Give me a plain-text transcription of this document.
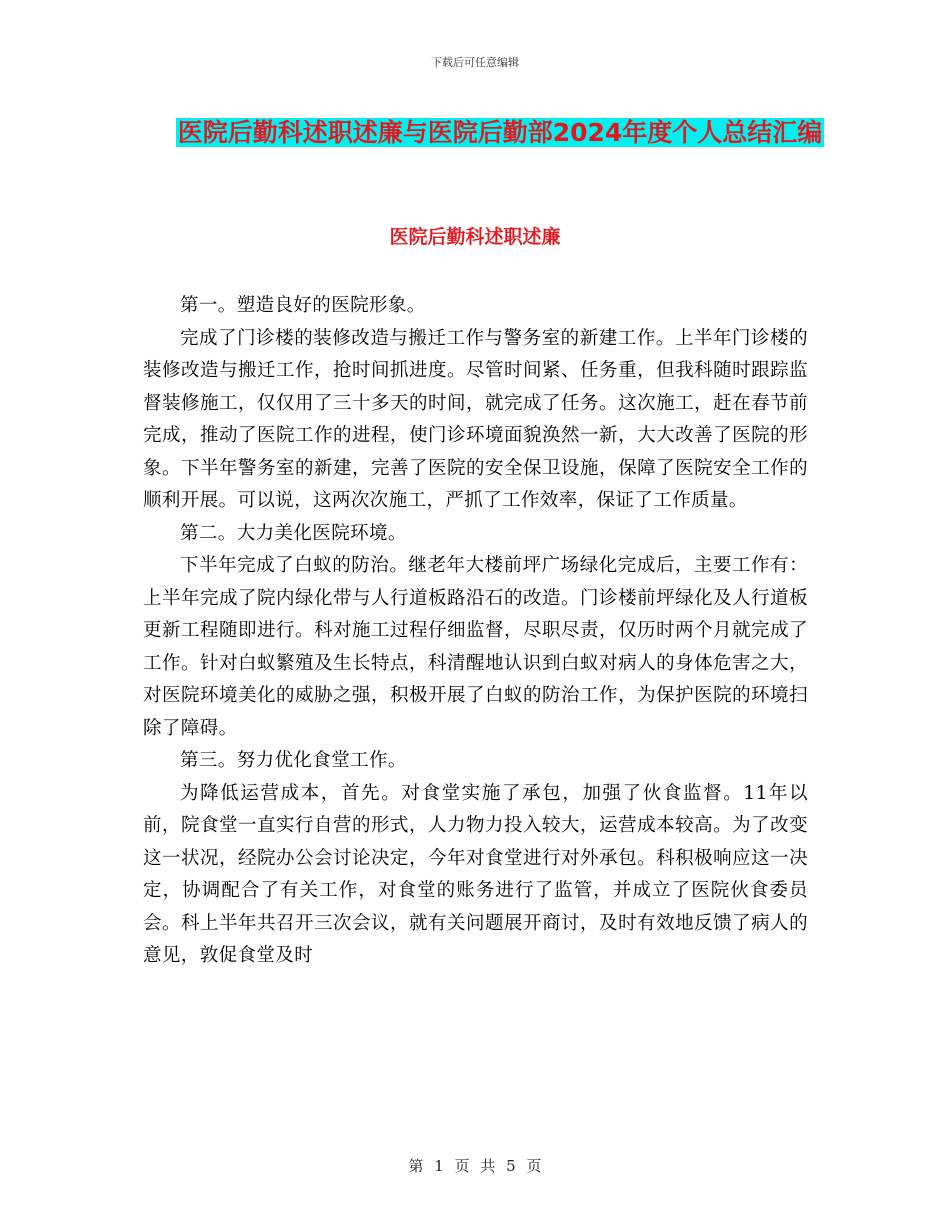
下载后可任意编辑
医院后勤科述职述廉与医院后勤部2024年度个人总结汇编
医院后勤科述职述廉

第一。塑造良好的医院形象。

完成了门诊楼的装修改造与搬迁工作与警务室的新建工作。上半年门诊楼的装修改造与搬迁工作，抢时间抓进度。尽管时间紧、任务重，但我科随时跟踪监督装修施工，仅仅用了三十多天的时间，就完成了任务。这次施工，赶在春节前完成，推动了医院工作的进程，使门诊环境面貌涣然一新，大大改善了医院的形象。下半年警务室的新建，完善了医院的安全保卫设施，保障了医院安全工作的顺利开展。可以说，这两次次施工，严抓了工作效率，保证了工作质量。

第二。大力美化医院环境。

下半年完成了白蚁的防治。继老年大楼前坪广场绿化完成后，主要工作有：上半年完成了院内绿化带与人行道板路沿石的改造。门诊楼前坪绿化及人行道板更新工程随即进行。科对施工过程仔细监督，尽职尽责，仅历时两个月就完成了工作。针对白蚁繁殖及生长特点，科清醒地认识到白蚁对病人的身体危害之大，对医院环境美化的威胁之强，积极开展了白蚁的防治工作，为保护医院的环境扫除了障碍。

第三。努力优化食堂工作。

为降低运营成本，首先。对食堂实施了承包，加强了伙食监督。11年以前，院食堂一直实行自营的形式，人力物力投入较大，运营成本较高。为了改变这一状况，经院办公会讨论决定，今年对食堂进行对外承包。科积极响应这一决定，协调配合了有关工作，对食堂的账务进行了监管，并成立了医院伙食委员会。科上半年共召开三次会议，就有关问题展开商讨，及时有效地反馈了病人的意见，敦促食堂及时

第 1 页 共 5 页
